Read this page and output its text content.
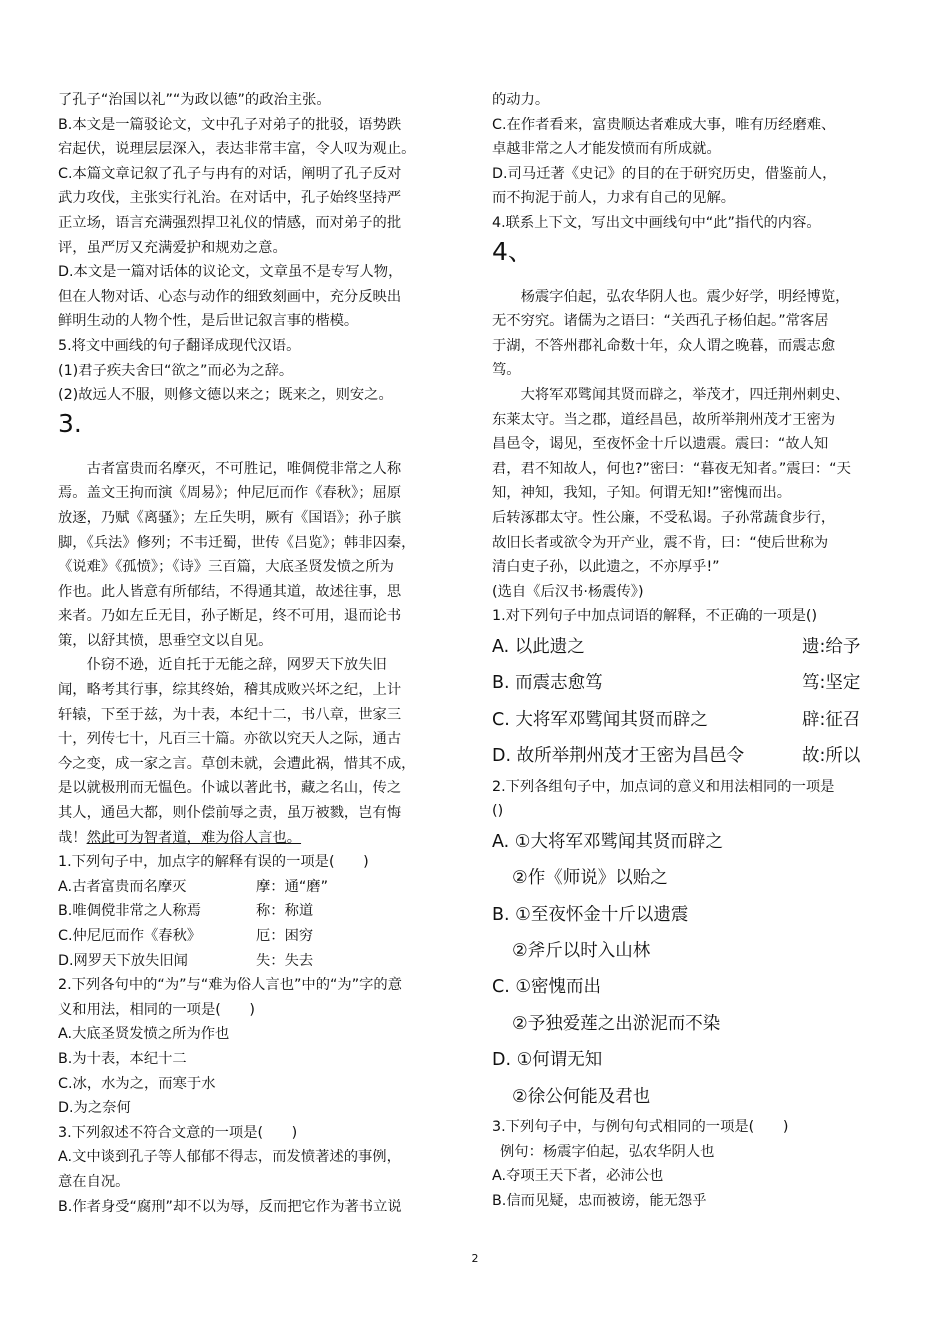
了孔子“治国以礼”“为政以德”的政治主张。

B.本文是一篇驳论文，文中孔子对弟子的批驳，语势跌

宕起伏，说理层层深入，表达非常丰富，令人叹为观止。

C.本篇文章记叙了孔子与冉有的对话，阐明了孔子反对

武力攻伐，主张实行礼治。在对话中，孔子始终坚持严

正立场，语言充满强烈捍卫礼仪的情感，而对弟子的批

评，虽严厉又充满爱护和规劝之意。

D.本文是一篇对话体的议论文，文章虽不是专写人物，

但在人物对话、心态与动作的细致刻画中，充分反映出

鲜明生动的人物个性，是后世记叙言事的楷模。

5.将文中画线的句子翻译成现代汉语。

(1)君子疾夫舍曰“欲之”而必为之辞。

(2)故远人不服，则修文德以来之；既来之，则安之。

3.

古者富贵而名摩灭，不可胜记，唯倜傥非常之人称

焉。盖文王拘而演《周易》；仲尼厄而作《春秋》；屈原

放逐，乃赋《离骚》；左丘失明，厥有《国语》；孙子膑

脚，《兵法》修列；不韦迁蜀，世传《吕览》；韩非囚秦，

《说难》《孤愤》；《诗》三百篇，大底圣贤发愤之所为

作也。此人皆意有所郁结，不得通其道，故述往事，思

来者。乃如左丘无目，孙子断足，终不可用，退而论书

策，以舒其愤，思垂空文以自见。

仆窃不逊，近自托于无能之辞，网罗天下放失旧

闻，略考其行事，综其终始，稽其成败兴坏之纪，上计

轩辕，下至于兹，为十表，本纪十二，书八章，世家三

十，列传七十，凡百三十篇。亦欲以究天人之际，通古

今之变，成一家之言。草创未就，会遭此祸，惜其不成，

是以就极刑而无愠色。仆诚以著此书，藏之名山，传之

其人，通邑大都，则仆偿前辱之责，虽万被戮，岂有悔

哉！然此可为智者道，难为俗人言也。

1.下列句子中，加点字的解释有误的一项是(　　)

A.古者富贵而名摩灭	摩：通“磨”
B.唯倜傥非常之人称焉	称：称道
C.仲尼厄而作《春秋》	厄：困穷
D.网罗天下放失旧闻	失：失去

2.下列各句中的“为”与“难为俗人言也”中的“为”字的意

义和用法，相同的一项是(　　)

A.大底圣贤发愤之所为作也

B.为十表，本纪十二

C.冰，水为之，而寒于水

D.为之奈何

3.下列叙述不符合文意的一项是(　　)

A.文中谈到孔子等人郁郁不得志，而发愤著述的事例，

意在自况。

B.作者身受“腐刑”却不以为辱，反而把它作为著书立说

的动力。

C.在作者看来，富贵顺达者难成大事，唯有历经磨难、

卓越非常之人才能发愤而有所成就。

D.司马迁著《史记》的目的在于研究历史，借鉴前人，

而不拘泥于前人，力求有自己的见解。

4.联系上下文，写出文中画线句中“此”指代的内容。

4、

杨震字伯起，弘农华阴人也。震少好学，明经博览，

无不穷究。诸儒为之语曰：“关西孔子杨伯起。”常客居

于湖，不答州郡礼命数十年，众人谓之晚暮，而震志愈

笃。

大将军邓骘闻其贤而辟之，举茂才，四迁荆州刺史、

东莱太守。当之郡，道经昌邑，故所举荆州茂才王密为

昌邑令，谒见，至夜怀金十斤以遗震。震曰：“故人知

君，君不知故人，何也?”密曰：“暮夜无知者。”震曰：“天

知，神知，我知，子知。何谓无知!”密愧而出。

后转涿郡太守。性公廉，不受私谒。子孙常蔬食步行，

故旧长者或欲令为开产业，震不肯，曰：“使后世称为

清白吏子孙，以此遗之，不亦厚乎!”

(选自《后汉书·杨震传》)

1.对下列句子中加点词语的解释，不正确的一项是()

A. 以此遗之	遗:给予
B. 而震志愈笃	笃:坚定
C. 大将军邓骘闻其贤而辟之	辟:征召
D. 故所举荆州茂才王密为昌邑令	故:所以

2.下列各组句子中，加点词的意义和用法相同的一项是

()

A. ①大将军邓骘闻其贤而辟之

②作《师说》以贻之

B. ①至夜怀金十斤以遗震

②斧斤以时入山林

C. ①密愧而出

②予独爱莲之出淤泥而不染

D. ①何谓无知

②徐公何能及君也

3.下列句子中，与例句句式相同的一项是(　　)

例句：杨震字伯起，弘农华阴人也

A.夺项王天下者，必沛公也

B.信而见疑，忠而被谤，能无怨乎

2
